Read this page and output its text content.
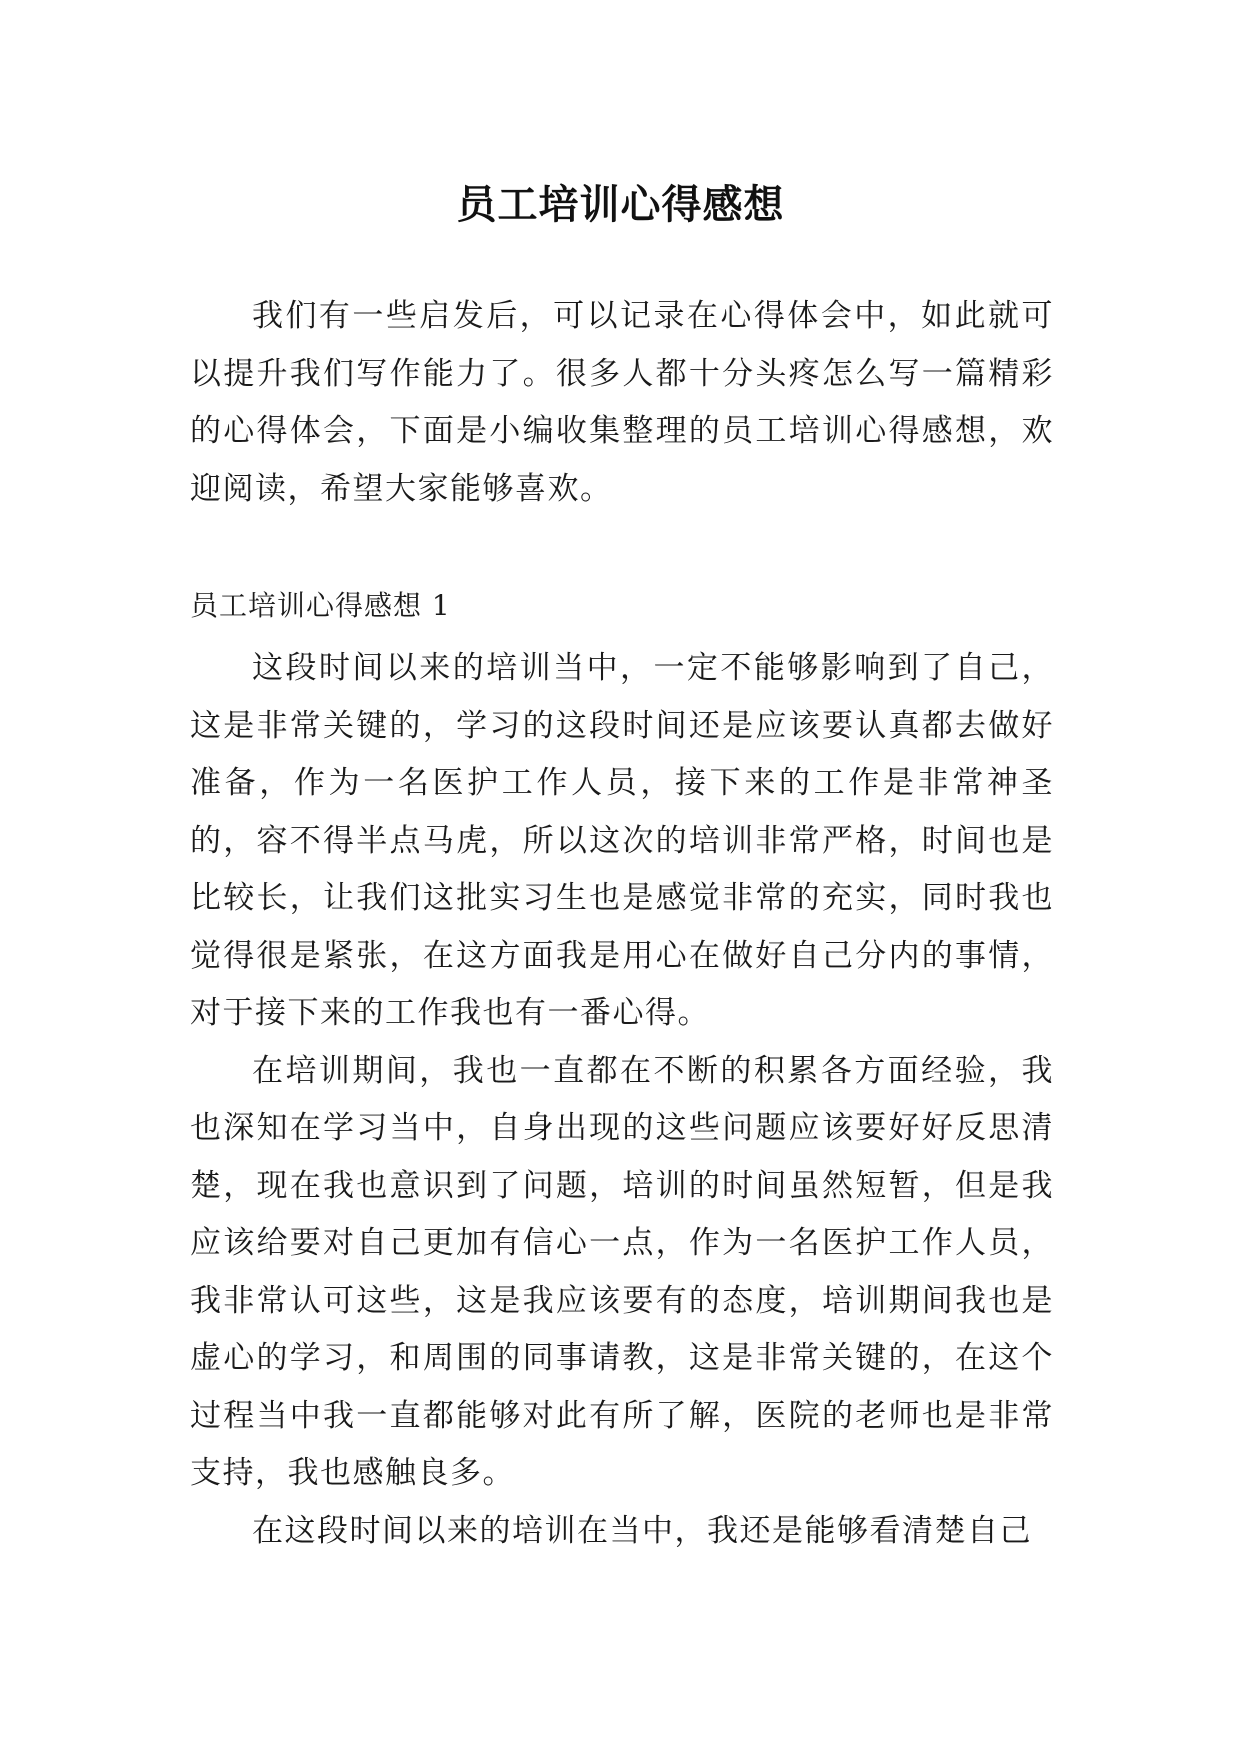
员工培训心得感想

我们有一些启发后，可以记录在心得体会中，如此就可以提升我们写作能力了。很多人都十分头疼怎么写一篇精彩的心得体会，下面是小编收集整理的员工培训心得感想，欢迎阅读，希望大家能够喜欢。

员工培训心得感想 1

这段时间以来的培训当中，一定不能够影响到了自己，这是非常关键的，学习的这段时间还是应该要认真都去做好准备，作为一名医护工作人员，接下来的工作是非常神圣的，容不得半点马虎，所以这次的培训非常严格，时间也是比较长，让我们这批实习生也是感觉非常的充实，同时我也觉得很是紧张，在这方面我是用心在做好自己分内的事情，对于接下来的工作我也有一番心得。

在培训期间，我也一直都在不断的积累各方面经验，我也深知在学习当中，自身出现的这些问题应该要好好反思清楚，现在我也意识到了问题，培训的时间虽然短暂，但是我应该给要对自己更加有信心一点，作为一名医护工作人员，我非常认可这些，这是我应该要有的态度，培训期间我也是虚心的学习，和周围的同事请教，这是非常关键的，在这个过程当中我一直都能够对此有所了解，医院的老师也是非常支持，我也感触良多。

在这段时间以来的培训在当中，我还是能够看清楚自己
